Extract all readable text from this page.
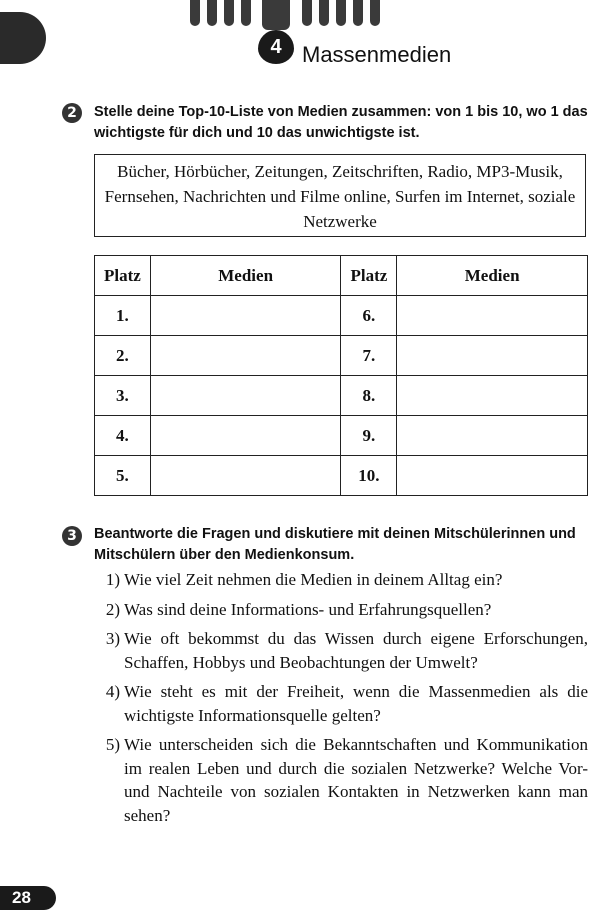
4 Massenmedien
2	Stelle deine Top-10-Liste von Medien zusammen: von 1 bis 10, wo 1 das wichtigste für dich und 10 das unwichtigste ist.
Bücher, Hörbücher, Zeitungen, Zeitschriften, Radio, MP3-Musik, Fernsehen, Nachrichten und Filme online, Surfen im Internet, soziale Netzwerke
Platz	Medien	Platz	Medien
1.		6.	
2.		7.	
3.		8.	
4.		9.	
5.		10.	
3	Beantworte die Fragen und diskutiere mit deinen Mitschülerinnen und Mitschülern über den Medienkonsum.
1) Wie viel Zeit nehmen die Medien in deinem Alltag ein?
2) Was sind deine Informations- und Erfahrungsquellen?
3) Wie oft bekommst du das Wissen durch eigene Erforschungen, Schaffen, Hobbys und Beobachtungen der Umwelt?
4) Wie steht es mit der Freiheit, wenn die Massenmedien als die wichtigste Informationsquelle gelten?
5) Wie unterscheiden sich die Bekanntschaften und Kommunikation im realen Leben und durch die sozialen Netzwerke? Welche Vor- und Nachteile von sozialen Kontakten in Netzwerken kann man sehen?
28
